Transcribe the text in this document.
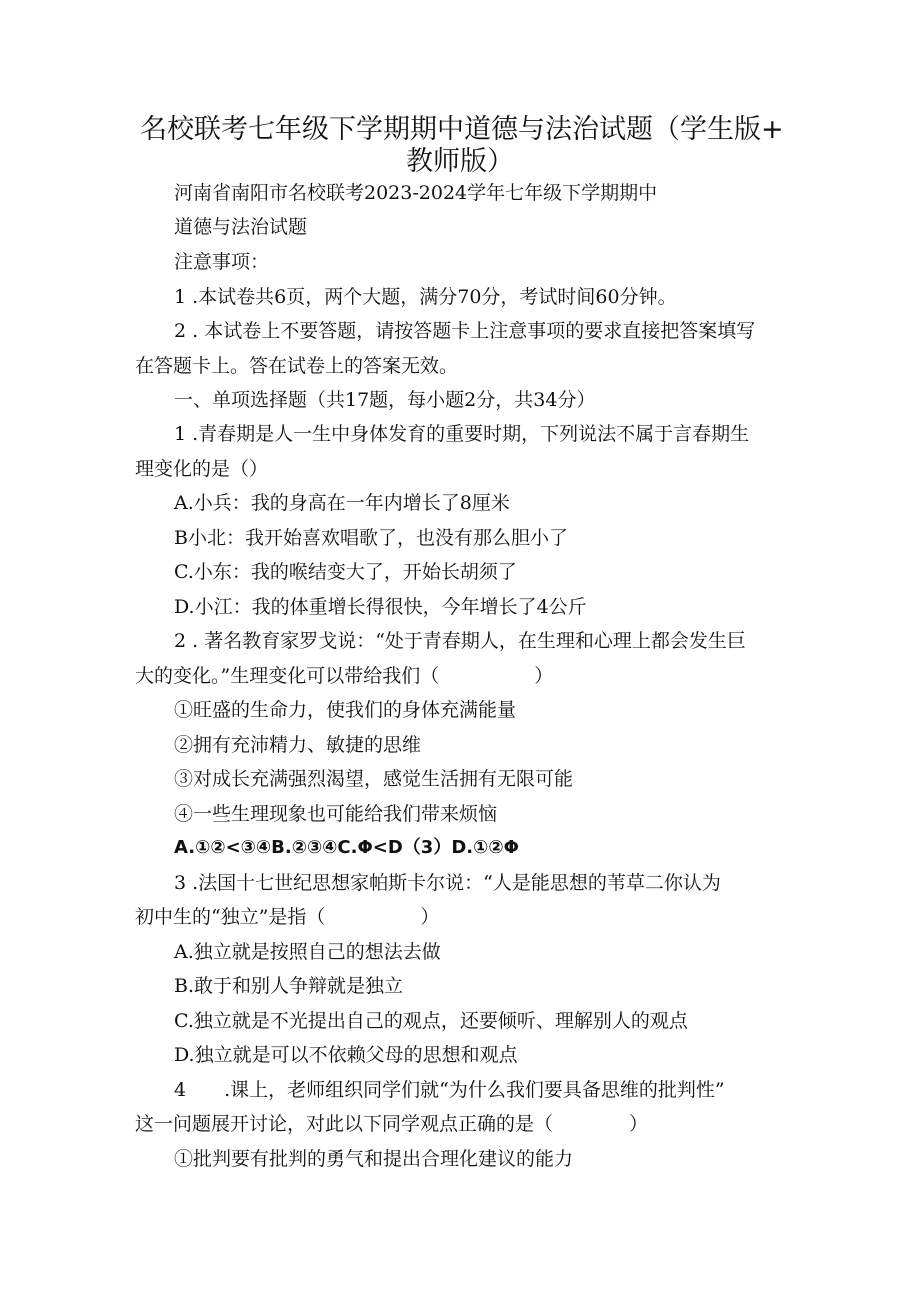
名校联考七年级下学期期中道德与法治试题（学生版+
教师版）

河南省南阳市名校联考2023-2024学年七年级下学期期中

道德与法治试题

注意事项：

1 .本试卷共6页，两个大题，满分70分，考试时间60分钟。

2 . 本试卷上不要答题，请按答题卡上注意事项的要求直接把答案填写

在答题卡上。答在试卷上的答案无效。

一、单项选择题（共17题，每小题2分，共34分）

1 .青春期是人一生中身体发育的重要时期，下列说法不属于言春期生

理变化的是（）

A.小兵：我的身高在一年内增长了8厘米

B小北：我开始喜欢唱歌了，也没有那么胆小了

C.小东：我的喉结变大了，开始长胡须了

D.小江：我的体重增长得很快，今年增长了4公斤

2 . 著名教育家罗戈说：“处于青春期人，在生理和心理上都会发生巨

大的变化。”生理变化可以带给我们（　　　　　）

①旺盛的生命力，使我们的身体充满能量

②拥有充沛精力、敏捷的思维

③对成长充满强烈渴望，感觉生活拥有无限可能

④一些生理现象也可能给我们带来烦恼

A.①②<③④B.②③④C.Φ<D（3）D.①②Φ

3 .法国十七世纪思想家帕斯卡尔说：“人是能思想的苇草二你认为

初中生的“独立”是指（　　　　　）

A.独立就是按照自己的想法去做

B.敢于和别人争辩就是独立

C.独立就是不光提出自己的观点，还要倾听、理解别人的观点

D.独立就是可以不依赖父母的思想和观点

4　　.课上，老师组织同学们就“为什么我们要具备思维的批判性”

这一问题展开讨论，对此以下同学观点正确的是（　　　　）

①批判要有批判的勇气和提出合理化建议的能力
